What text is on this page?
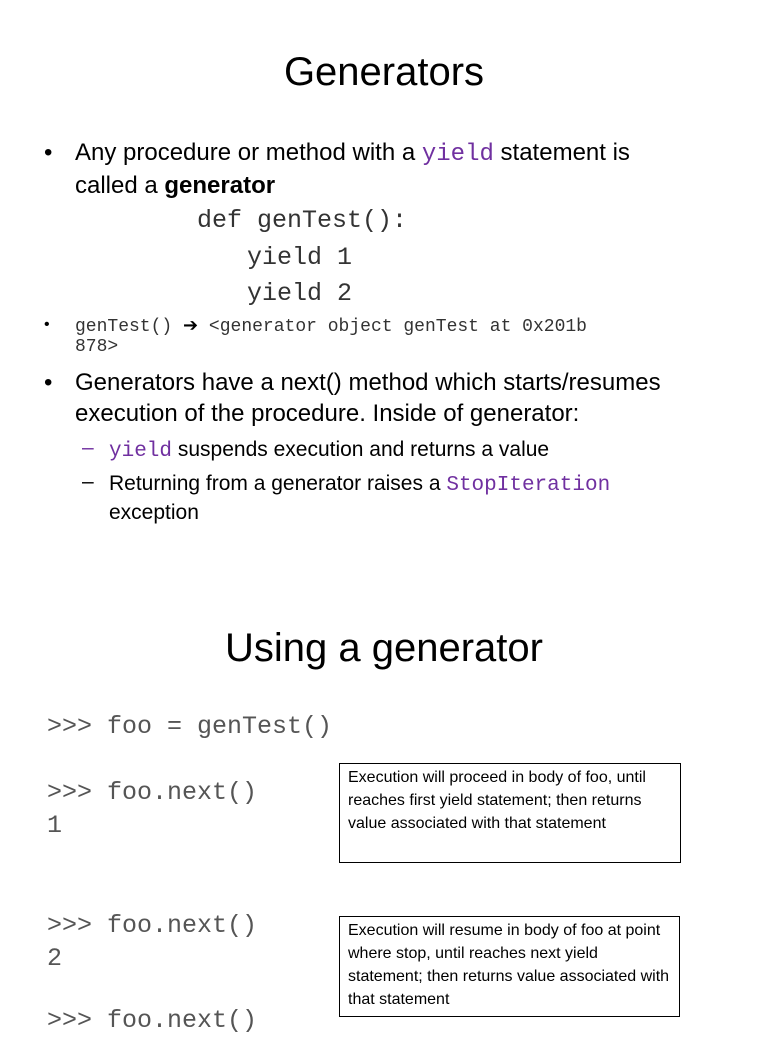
Generators
• Any procedure or method with a yield statement is
called a generator
def genTest():
yield 1
yield 2
• genTest() ➔ <generator object genTest at 0x201b
878>
• Generators have a next() method which starts/resumes
execution of the procedure. Inside of generator:
– yield suspends execution and returns a value
– Returning from a generator raises a StopIteration
exception
Using a generator
>>> foo = genTest()
>>> foo.next()
1
>>> foo.next()
2
>>> foo.next()
Execution will proceed in body of foo, until reaches first yield statement; then returns value associated with that statement
Execution will resume in body of foo at point where stop, until reaches next yield statement; then returns value associated with that statement
